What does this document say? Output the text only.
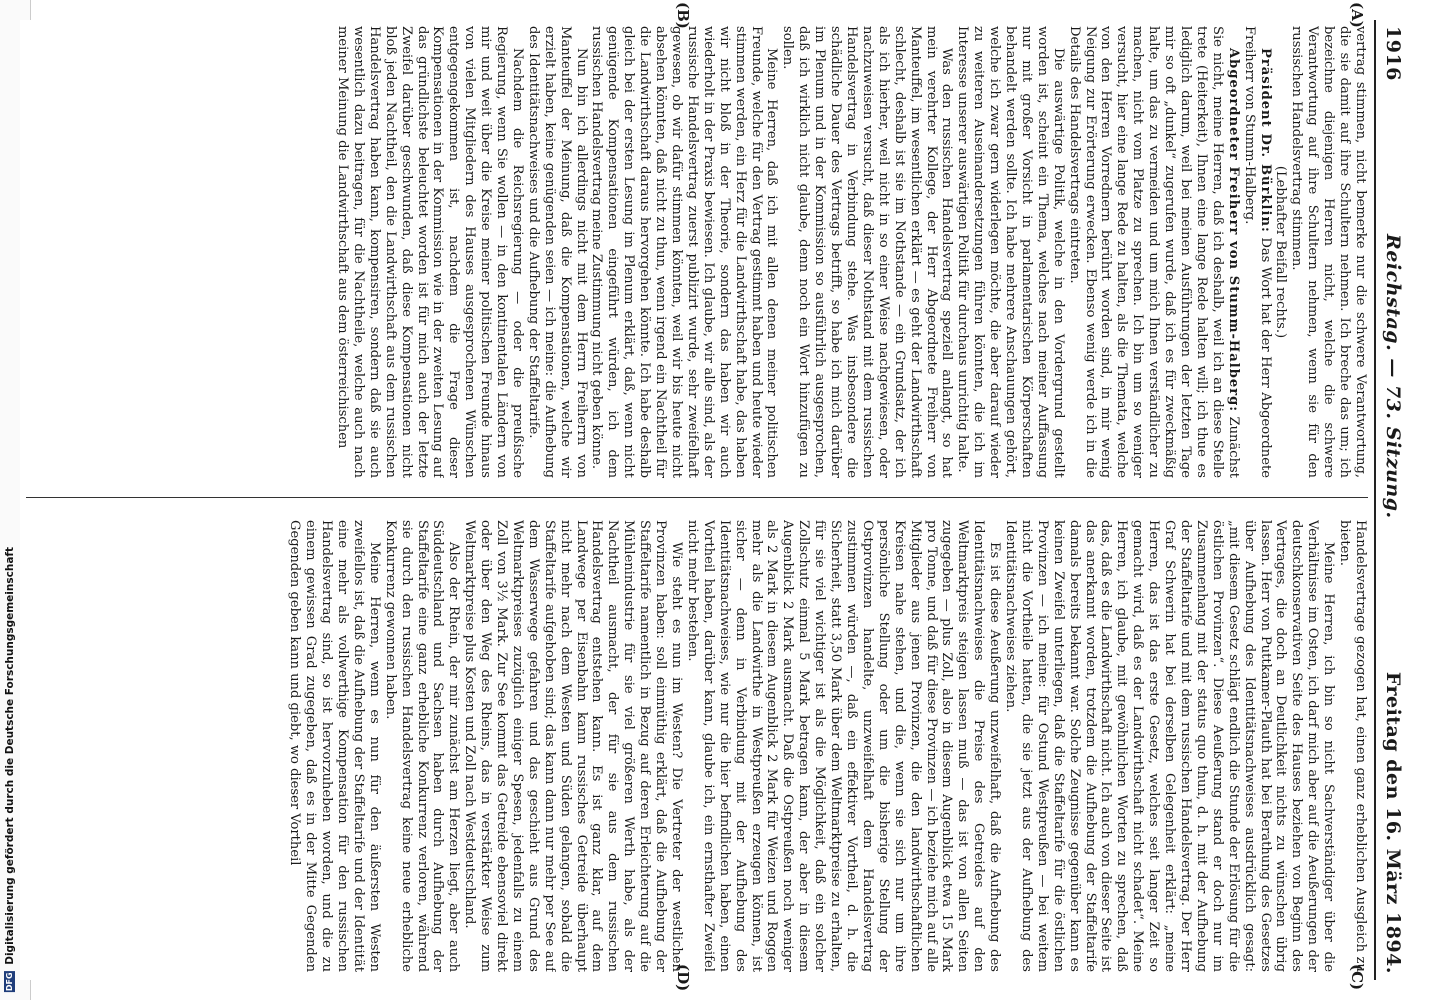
DFG Digitalisierung gefördert durch die Deutsche Forschungsgemeinschaft
1916
Reichstag. — 73. Sitzung.
Freitag den 16. März 1894.
(A)
(B)
(C)
(D)

vertrag stimmen, nicht bemerke nur die schwere Verantwortung, die sie damit auf ihre Schultern nehmen. Ich breche das um; ich bezeichne diejenigen Herren nicht, welche die schwere Verantwortung auf ihre Schultern nehmen, wenn sie für den russischen Handelsvertrag stimmen.

(Lebhafter Beifall rechts.)

Präsident Dr. Bürklin: Das Wort hat der Herr Abgeordnete Freiherr von Stumm-Halberg.

Abgeordneter Freiherr von Stumm-Halberg: Zunächst Sie nicht, meine Herren, daß ich deshalb, weil ich an diese Stelle trete (Heiterkeit), Ihnen eine lange Rede halten will; ich thue es lediglich darum, weil bei meinen Ausführungen der letzten Tage mir so oft „dunkel“ zugerufen wurde, daß ich es für zweckmäßig halte, um das zu vermeiden und um mich Ihnen verständlicher zu machen, nicht vom Platze zu sprechen. Ich bin um so weniger versucht, hier eine lange Rede zu halten, als die Themata, welche von den Herren Vorrednern berührt worden sind, in mir wenig Neigung zur Erörterung erwecken. Ebenso wenig werde ich in die Details des Handelsvertrags eintreten.

Die auswärtige Politik, welche in den Vordergrund gestellt worden ist, scheint ein Thema, welches nach meiner Auffassung nur mit großer Vorsicht in parlamentarischen Körperschaften behandelt werden sollte. Ich habe mehrere Anschauungen gehört, welche ich zwar gern widerlegen möchte, die aber darauf wieder zu weiteren Auseinandersetzungen führen könnten, die ich im Interesse unserer auswärtigen Politik für durchaus unrichtig halte.

Was den russischen Handelsvertrag speziell anlangt, so hat mein verehrter Kollege, der Herr Abgeordnete Freiherr von Manteuffel, im wesentlichen erklärt — es geht der Landwirthschaft schlecht, deshalb ist sie im Nothstande — ein Grundsatz, der ich als ich hierher, weil nicht in so einer Weise nachgewiesen, oder nachzuweisen versucht, daß dieser Nothstand mit dem russischen Handelsvertrag in Verbindung stehe. Was insbesondere die schädliche Dauer des Vertrags betrifft, so habe ich mich darüber im Plenum und in der Kommission so ausführlich ausgesprochen, daß ich wirklich nicht glaube, denn noch ein Wort hinzufügen zu sollen.

Meine Herren, daß ich mit allen denen meiner politischen Freunde, welche für den Vertrag gestimmt haben und heute wieder stimmen werden, ein Herz für die Landwirthschaft habe, das haben wir nicht bloß in der Theorie, sondern das haben wir auch wiederholt in der Praxis bewiesen. Ich glaube, wir alle sind, als der russische Handelsvertrag zuerst publizirt wurde, sehr zweifelhaft gewesen, ob wir dafür stimmen könnten, weil wir bis heute nicht absehen könnten, daß nicht zu thun, wenn irgend ein Nachtheil für die Landwirthschaft daraus hervorgehen könnte. Ich habe deshalb gleich bei der ersten Lesung im Plenum erklärt, daß, wenn nicht genügende Kompensationen eingeführt würden, ich dem russischen Handelsvertrag meine Zustimmung nicht geben könne.

Nun bin ich allerdings nicht mit dem Herrn Freiherrn von Manteuffel der Meinung, daß die Kompensationen, welche wir erzielt haben, keine genügenden seien — ich meine: die Aufhebung des Identitätsnachweises und die Aufhebung der Staffeltarife.

Nachdem die Reichsregierung — oder die preußische Regierung, wenn Sie wollen — in den kontinentalen Ländern von mir und weit über die Kreise meiner politischen Freunde hinaus von vielen Mitgliedern des Hauses ausgesprochenen Wünschen entgegengekommen ist, nachdem die Frage dieser Kompensationen in der Kommission wie in der zweiten Lesung auf das gründlichste beleuchtet worden ist für mich auch der letzte Zweifel darüber geschwunden, daß diese Kompensationen nicht bloß jeden Nachtheil, den die Landwirthschaft aus dem russischen Handelsvertrag haben kann, kompensiren, sondern daß sie auch wesentlich dazu beitragen, für die Nachtheile, welche auch nach meiner Meinung die Landwirthschaft aus dem österreichischen

Handelsvertrage gezogen hat, einen ganz erheblichen Ausgleich zu bieten.

Meine Herren, ich bin so nicht Sachverständiger über die Verhältnisse im Osten, ich darf mich aber auf die Aeußerungen der deutschkonservativen Seite des Hauses beziehen von Beginn des Vertrages, die doch an Deutlichkeit nichts zu wünschen übrig lassen. Herr von Puttkamer-Plauth hat bei Berathung des Gesetzes über Aufhebung des Identitätsnachweises ausdrücklich gesagt: „mit diesem Gesetz schlägt endlich die Stunde der Erlösung für die östlichen Provinzen“. Diese Aeußerung stand er doch nur im Zusammenhang mit der status quo thun, d. h. mit der Aufhebung der Staffeltarife und mit dem russischen Handelsvertrag. Der Herr Graf Schwerin hat bei derselben Gelegenheit erklärt: „meine Herren, das ist das erste Gesetz, welches seit langer Zeit so gemacht wird, daß es der Landwirthschaft nicht schadet“. Meine Herren, ich glaube, mit gewöhnlichen Worten zu sprechen, daß das, daß es die Landwirthschaft nicht. Ich auch von dieser Seite ist das anerkannt worden, trotzdem die Aufhebung der Staffeltarife damals bereits bekannt war. Solche Zeugnisse gegenüber kann es keinen Zweifel unterliegen, daß die Staffeltarife für die östlichen Provinzen — ich meine: für Ostund Westpreußen — bei weitem nicht die Vortheile hatten, die sie jetzt aus der Aufhebung des Identitätsnachweises ziehen.

Es ist diese Aeußerung unzweifelhaft, daß die Aufhebung des Identitätsnachweises die Preise des Getreides auf den Weltmarktpreis steigen lassen muß — das ist von allen Seiten zugegeben — plus Zoll, also in diesem Augenblick etwa 15 Mark pro Tonne, und daß für diese Provinzen — ich beziehe mich auf alle Mitglieder aus jenen Provinzen, die den landwirthschaftlichen Kreisen nahe stehen, und die, wenn sie sich nur um ihre persönliche Stellung oder um die bisherige Stellung der Ostprovinzen handelte, unzweifelhaft dem Handelsvertrag zustimmen würden —, daß ein effektiver Vortheil, d. h. die Sicherheit, statt 3,50 Mark über dem Weltmarktpreise zu erhalten, für sie viel wichtiger ist als die Möglichkeit, daß ein solcher Zollschutz einmal 5 Mark betragen kann, der aber in diesem Augenblick 2 Mark ausmacht. Daß die Ostpreußen noch weniger als 2 Mark in diesem Augenblick 2 Mark für Weizen und Roggen mehr als die Landwirthe in Westpreußen erzeugen können, ist sicher — denn in Verbindung mit der Aufhebung des Identitätsnachweises, wie nur die hier befindlichen haben, einen Vortheil haben, darüber kann, glaube ich, ein ernsthafter Zweifel nicht mehr bestehen.

Wie steht es nun im Westen? Die Vertreter der westlichen Provinzen haben: soll einmüthig erklärt, daß die Aufhebung der Staffeltarife namentlich in Bezug auf deren Erleichterung auf die Mühlenindustrie für sie viel größeren Werth habe, als der Nachtheil ausmacht, der für sie aus dem russischen Handelsvertrag entstehen kann. Es ist ganz klar, auf dem Landwege per Eisenbahn kann russisches Getreide überhaupt nicht mehr nach dem Westen und Süden gelangen, sobald die Staffeltarife aufgehoben sind; das kann dann nur mehr per See auf dem Wasserwege gefahren und das geschieht aus Grund des Weltmarktpreises zuzüglich einiger Spesen, jedenfalls zu einem Zoll von 3½ Mark. Zur See kommt das Getreide ebensoviel direkt oder über den Weg des Rheins, das in verstärkter Weise zum Weltmarktpreise plus Kosten und Zoll nach Westdeutschland.

Also der Rhein, der mir zunächst am Herzen liegt, aber auch Süddeutschland und Sachsen haben durch Aufhebung der Staffeltarife eine ganz erhebliche Konkurrenz verloren, während sie durch den russischen Handelsvertrag keine neue erhebliche Konkurrenz gewonnen haben.

Meine Herren, wenn es nun für den äußersten Westen zweifellos ist, daß die Aufhebung der Staffeltarife und der Identität eine mehr als vollwerthige Kompensation für den russischen Handelsvertrag sind, so ist hervorzuheben worden, und die zu einem gewissen Grad zugegeben, daß es in der Mitte Gegenden Gegenden geben kann und giebt, wo dieser Vortheil
